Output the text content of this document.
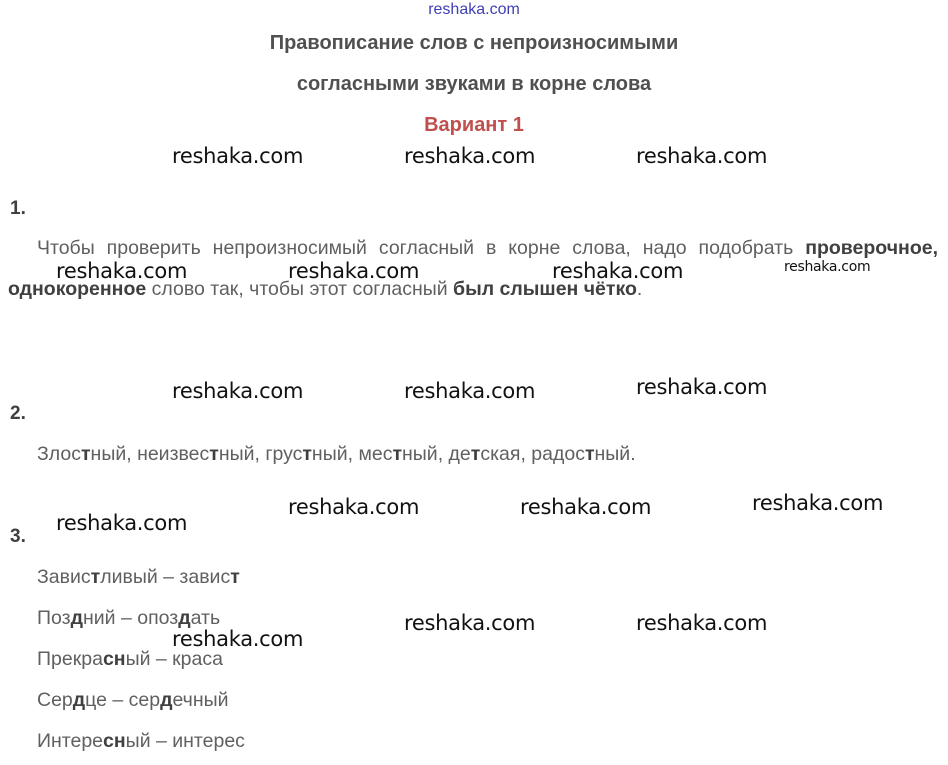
reshaka.com
Правописание слов с непроизносимыми
согласными звуками в корне слова
Вариант 1
1.
Чтобы проверить непроизносимый согласный в корне слова, надо подобрать проверочное, однокоренное слово так, чтобы этот согласный был слышен чётко.
2.
Злостный, неизвестный, грустный, местный, детская, радостный.
3.
Завистливый – завист
Поздний – опоздать
Прекрасный – краса
Сердце – сердечный
Интересный – интерес
reshaka.com	reshaka.com	reshaka.com
reshaka.com	reshaka.com	reshaka.com	reshaka.com
reshaka.com	reshaka.com	reshaka.com
reshaka.com	reshaka.com	reshaka.com
reshaka.com
reshaka.com	reshaka.com
reshaka.com
